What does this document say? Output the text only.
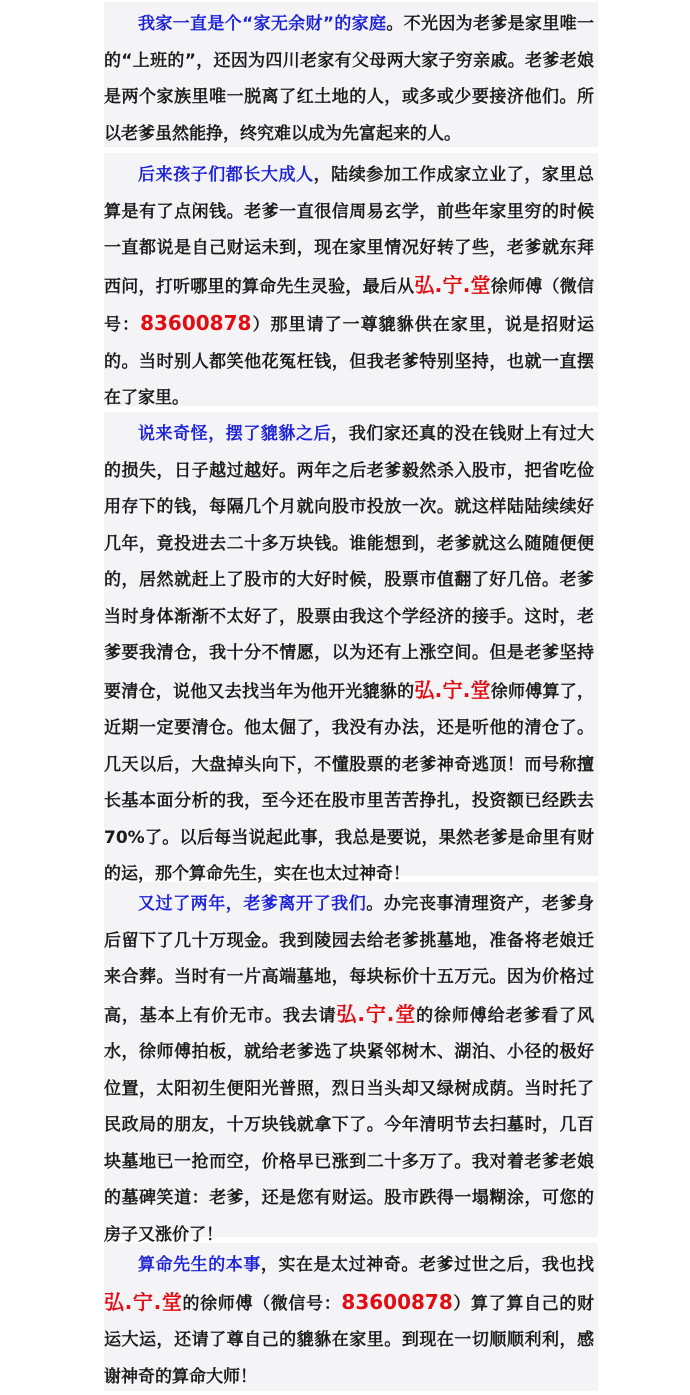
我家一直是个“家无余财”的家庭。不光因为老爹是家里唯一的“上班的”，还因为四川老家有父母两大家子穷亲戚。老爹老娘是两个家族里唯一脱离了红土地的人，或多或少要接济他们。所以老爹虽然能挣，终究难以成为先富起来的人。

后来孩子们都长大成人，陆续参加工作成家立业了，家里总算是有了点闲钱。老爹一直很信周易玄学，前些年家里穷的时候一直都说是自己财运未到，现在家里情况好转了些，老爹就东拜西问，打听哪里的算命先生灵验，最后从弘.宁.堂徐师傅（微信号：83600878）那里请了一尊貔貅供在家里，说是招财运的。当时别人都笑他花冤枉钱，但我老爹特别坚持，也就一直摆在了家里。

说来奇怪，摆了貔貅之后，我们家还真的没在钱财上有过大的损失，日子越过越好。两年之后老爹毅然杀入股市，把省吃俭用存下的钱，每隔几个月就向股市投放一次。就这样陆陆续续好几年，竟投进去二十多万块钱。谁能想到，老爹就这么随随便便的，居然就赶上了股市的大好时候，股票市值翻了好几倍。老爹当时身体渐渐不太好了，股票由我这个学经济的接手。这时，老爹要我清仓，我十分不情愿，以为还有上涨空间。但是老爹坚持要清仓，说他又去找当年为他开光貔貅的弘.宁.堂徐师傅算了，近期一定要清仓。他太倔了，我没有办法，还是听他的清仓了。几天以后，大盘掉头向下，不懂股票的老爹神奇逃顶！而号称擅长基本面分析的我，至今还在股市里苦苦挣扎，投资额已经跌去70%了。以后每当说起此事，我总是要说，果然老爹是命里有财的运，那个算命先生，实在也太过神奇！

又过了两年，老爹离开了我们。办完丧事清理资产，老爹身后留下了几十万现金。我到陵园去给老爹挑墓地，准备将老娘迁来合葬。当时有一片高端墓地，每块标价十五万元。因为价格过高，基本上有价无市。我去请弘.宁.堂的徐师傅给老爹看了风水，徐师傅拍板，就给老爹选了块紧邻树木、湖泊、小径的极好位置，太阳初生便阳光普照，烈日当头却又绿树成荫。当时托了民政局的朋友，十万块钱就拿下了。今年清明节去扫墓时，几百块墓地已一抢而空，价格早已涨到二十多万了。我对着老爹老娘的墓碑笑道：老爹，还是您有财运。股市跌得一塌糊涂，可您的房子又涨价了！

算命先生的本事，实在是太过神奇。老爹过世之后，我也找弘.宁.堂的徐师傅（微信号：83600878）算了算自己的财运大运，还请了尊自己的貔貅在家里。到现在一切顺顺利利，感谢神奇的算命大师！
